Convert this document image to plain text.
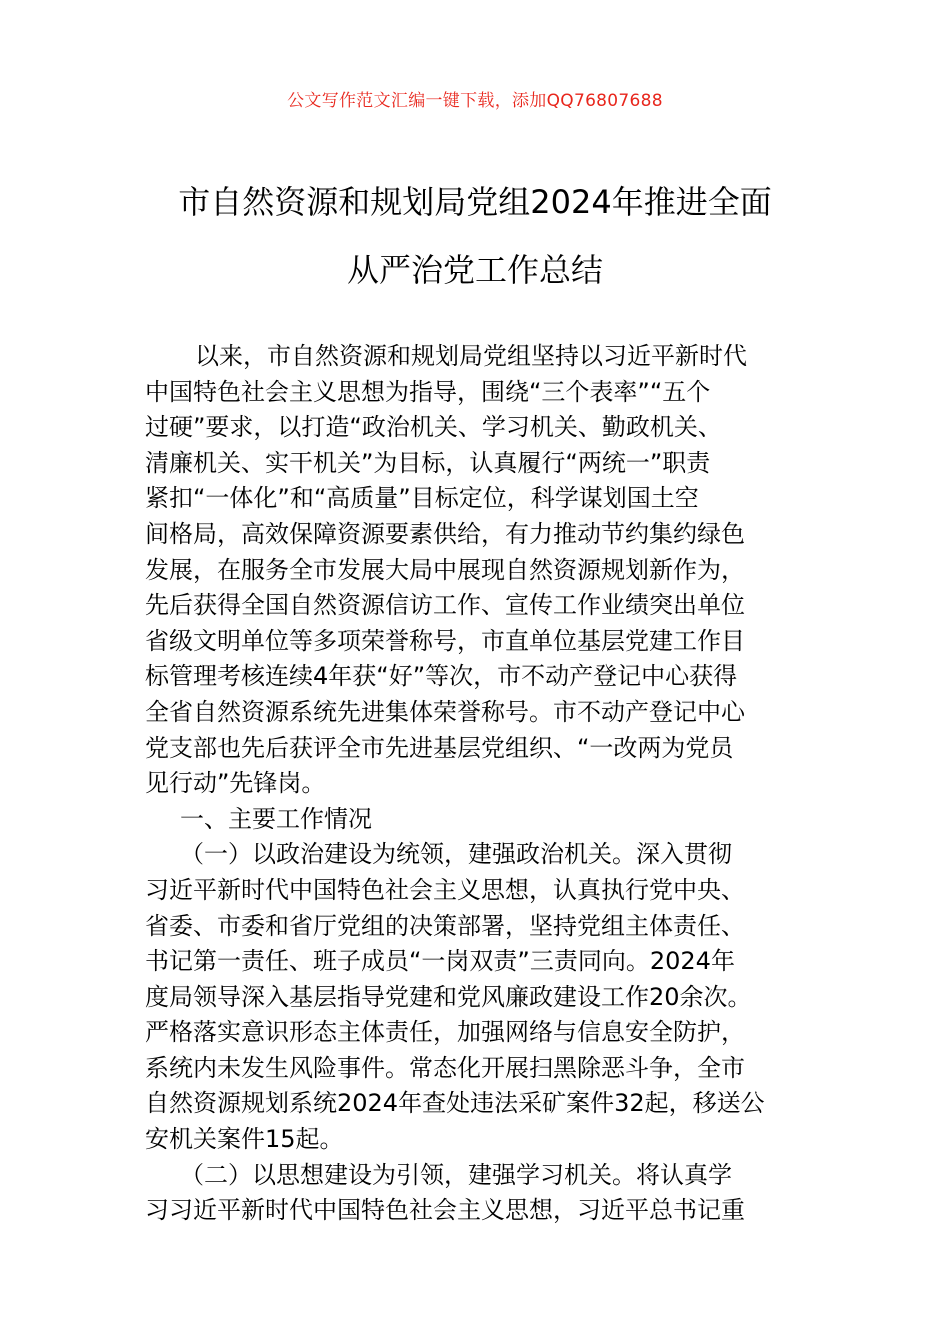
公文写作范文汇编一键下载，添加QQ76807688
市自然资源和规划局党组2024年推进全面
从严治党工作总结
以来，市自然资源和规划局党组坚持以习近平新时代
中国特色社会主义思想为指导，围绕“三个表率”“五个
过硬”要求，以打造“政治机关、学习机关、勤政机关、
清廉机关、实干机关”为目标，认真履行“两统一”职责
紧扣“一体化”和“高质量”目标定位，科学谋划国土空
间格局，高效保障资源要素供给，有力推动节约集约绿色
发展，在服务全市发展大局中展现自然资源规划新作为，
先后获得全国自然资源信访工作、宣传工作业绩突出单位
省级文明单位等多项荣誉称号，市直单位基层党建工作目
标管理考核连续4年获“好”等次，市不动产登记中心获得
全省自然资源系统先进集体荣誉称号。市不动产登记中心
党支部也先后获评全市先进基层党组织、“一改两为党员
见行动”先锋岗。
一、主要工作情况
（一）以政治建设为统领，建强政治机关。深入贯彻
习近平新时代中国特色社会主义思想，认真执行党中央、
省委、市委和省厅党组的决策部署，坚持党组主体责任、
书记第一责任、班子成员“一岗双责”三责同向。2024年
度局领导深入基层指导党建和党风廉政建设工作20余次。
严格落实意识形态主体责任，加强网络与信息安全防护，
系统内未发生风险事件。常态化开展扫黑除恶斗争，全市
自然资源规划系统2024年查处违法采矿案件32起，移送公
安机关案件15起。
（二）以思想建设为引领，建强学习机关。将认真学
习习近平新时代中国特色社会主义思想，习近平总书记重
